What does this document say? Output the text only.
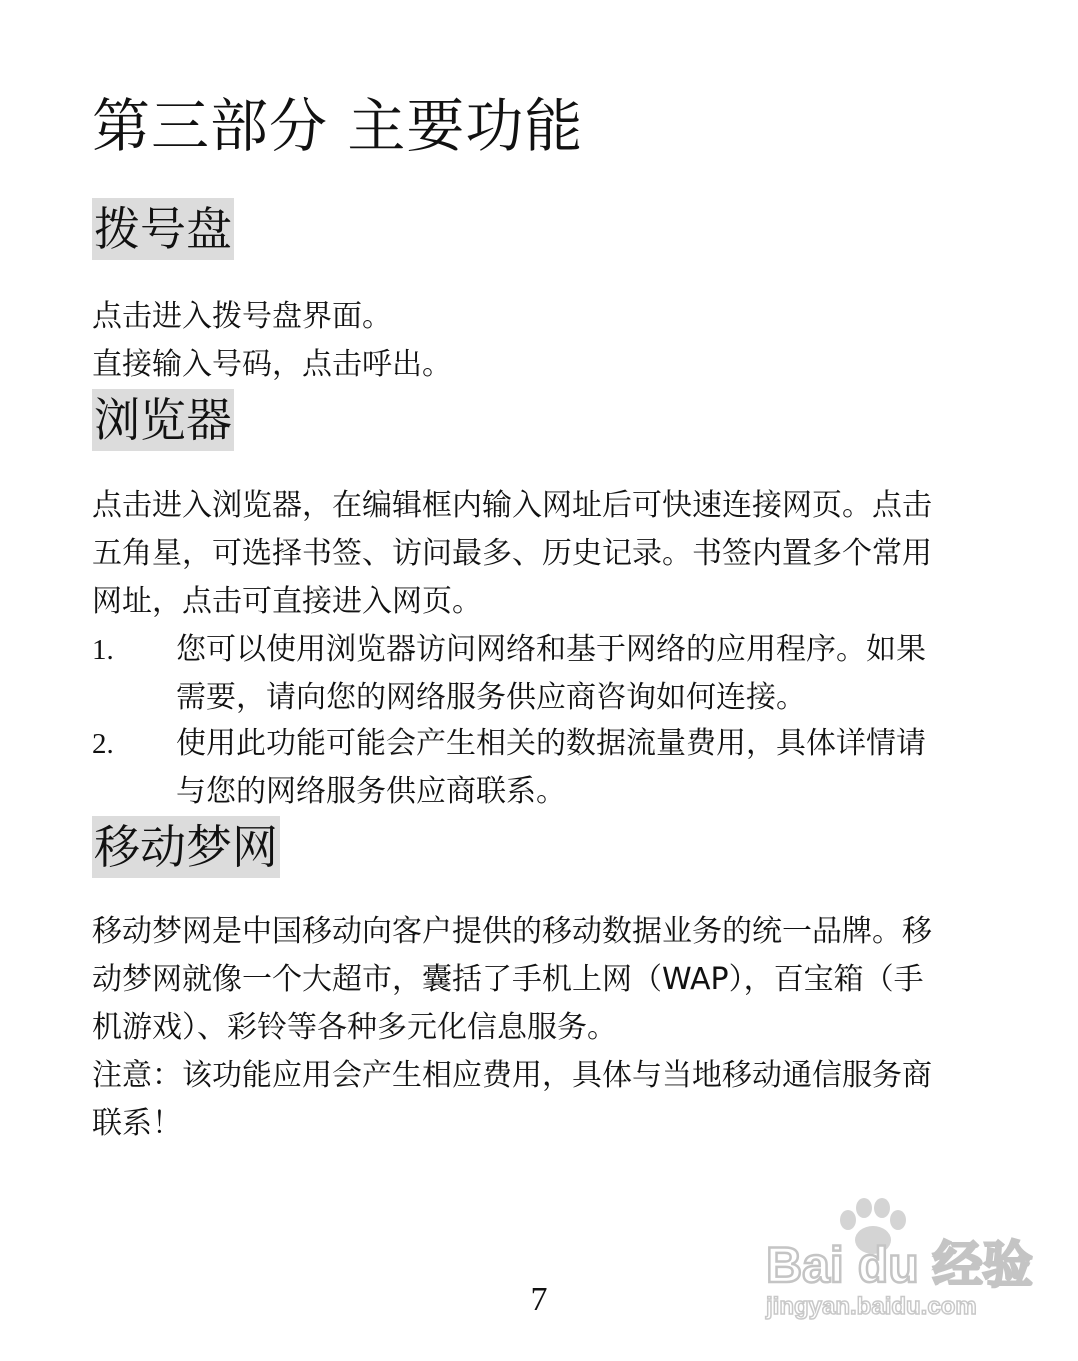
第三部分 主要功能
拨号盘

点击进入拨号盘界面。

直接输入号码，点击呼出。

浏览器

点击进入浏览器，在编辑框内输入网址后可快速连接网页。点击

五角星，可选择书签、访问最多、历史记录。书签内置多个常用

网址，点击可直接进入网页。

1.	您可以使用浏览器访问网络和基于网络的应用程序。如果
需要，请向您的网络服务供应商咨询如何连接。
2.	使用此功能可能会产生相关的数据流量费用，具体详情请
与您的网络服务供应商联系。
移动梦网

移动梦网是中国移动向客户提供的移动数据业务的统一品牌。移

动梦网就像一个大超市，囊括了手机上网（WAP），百宝箱（手

机游戏）、彩铃等各种多元化信息服务。

注意：该功能应用会产生相应费用，具体与当地移动通信服务商

联系！

Bai du 经验
jingyan.baidu.com
7
